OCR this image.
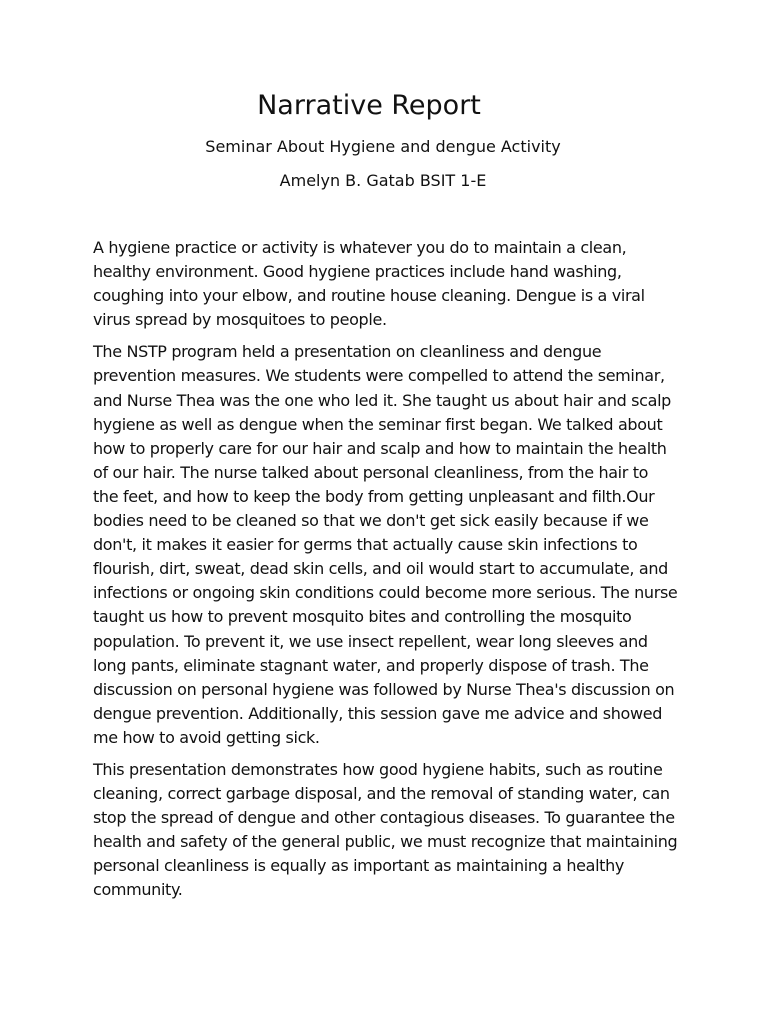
Narrative Report

Seminar About Hygiene and dengue Activity

Amelyn B. Gatab BSIT 1-E

A hygiene practice or activity is whatever you do to maintain a clean, healthy environment. Good hygiene practices include hand washing, coughing into your elbow, and routine house cleaning. Dengue is a viral virus spread by mosquitoes to people.

The NSTP program held a presentation on cleanliness and dengue prevention measures. We students were compelled to attend the seminar, and Nurse Thea was the one who led it. She taught us about hair and scalp hygiene as well as dengue when the seminar first began. We talked about how to properly care for our hair and scalp and how to maintain the health of our hair. The nurse talked about personal cleanliness, from the hair to the feet, and how to keep the body from getting unpleasant and filth.Our bodies need to be cleaned so that we don't get sick easily because if we don't, it makes it easier for germs that actually cause skin infections to flourish, dirt, sweat, dead skin cells, and oil would start to accumulate, and infections or ongoing skin conditions could become more serious. The nurse taught us how to prevent mosquito bites and controlling the mosquito population. To prevent it, we use insect repellent, wear long sleeves and long pants, eliminate stagnant water, and properly dispose of trash. The discussion on personal hygiene was followed by Nurse Thea's discussion on dengue prevention. Additionally, this session gave me advice and showed me how to avoid getting sick.

This presentation demonstrates how good hygiene habits, such as routine cleaning, correct garbage disposal, and the removal of standing water, can stop the spread of dengue and other contagious diseases. To guarantee the health and safety of the general public, we must recognize that maintaining personal cleanliness is equally as important as maintaining a healthy community.
